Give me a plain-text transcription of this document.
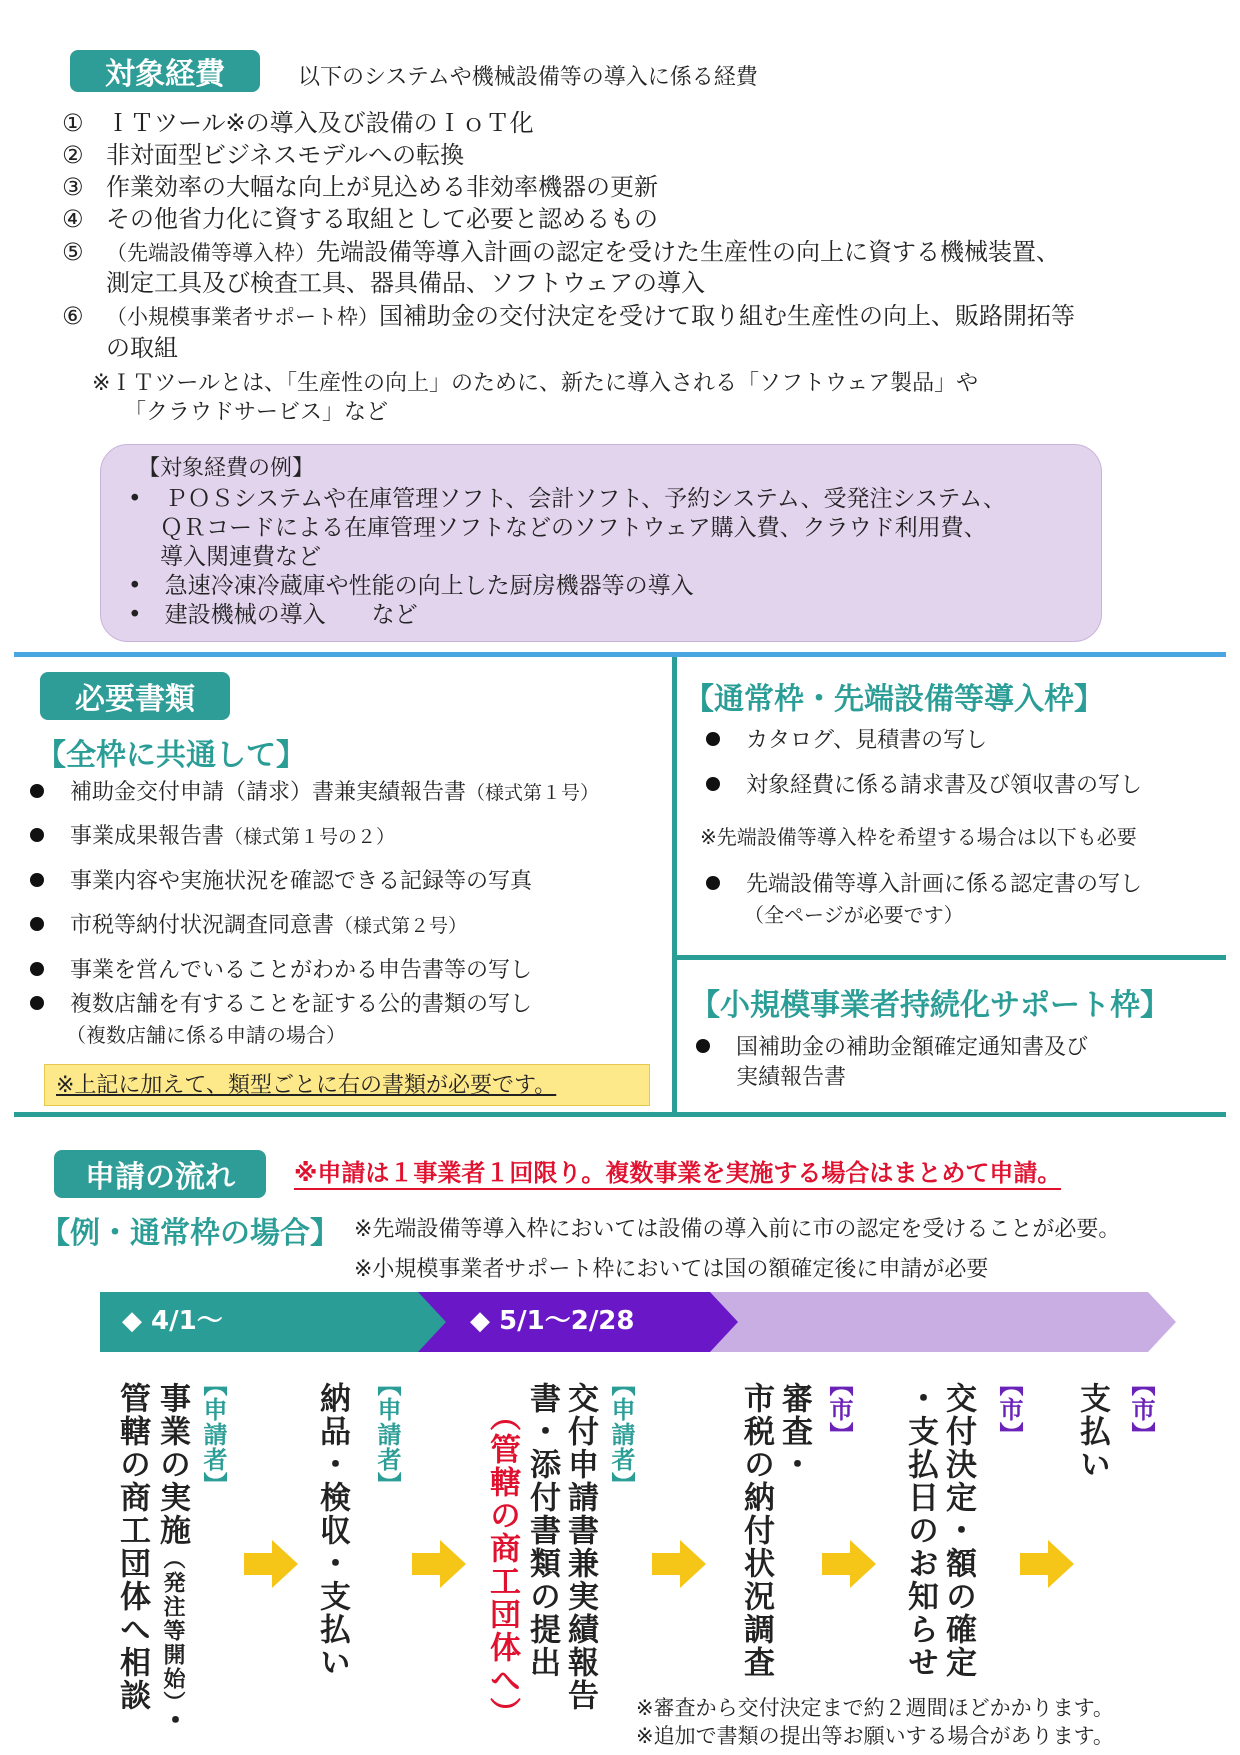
対象経費	以下のシステムや機械設備等の導入に係る経費
① ＩＴツール※の導入及び設備のＩｏＴ化
② 非対面型ビジネスモデルへの転換
③ 作業効率の大幅な向上が見込める非効率機器の更新
④ その他省力化に資する取組として必要と認めるもの
⑤ （先端設備等導入枠）先端設備等導入計画の認定を受けた生産性の向上に資する機械装置、
測定工具及び検査工具、器具備品、ソフトウェアの導入
⑥ （小規模事業者サポート枠）国補助金の交付決定を受けて取り組む生産性の向上、販路開拓等
の取組
※ＩＴツールとは、「生産性の向上」のために、新たに導入される「ソフトウェア製品」や
「クラウドサービス」など
【対象経費の例】
•　ＰＯＳシステムや在庫管理ソフト、会計ソフト、予約システム、受発注システム、
ＱＲコードによる在庫管理ソフトなどのソフトウェア購入費、クラウド利用費、
導入関連費など
•　急速冷凍冷蔵庫や性能の向上した厨房機器等の導入
•　建設機械の導入　　など
必要書類
【全枠に共通して】
補助金交付申請（請求）書兼実績報告書（様式第１号）
事業成果報告書（様式第１号の２）
事業内容や実施状況を確認できる記録等の写真
市税等納付状況調査同意書（様式第２号）
事業を営んでいることがわかる申告書等の写し
複数店舗を有することを証する公的書類の写し
（複数店舗に係る申請の場合）
※上記に加えて、類型ごとに右の書類が必要です。
【通常枠・先端設備等導入枠】
カタログ、見積書の写し
対象経費に係る請求書及び領収書の写し
※先端設備等導入枠を希望する場合は以下も必要
先端設備等導入計画に係る認定書の写し
（全ページが必要です）
【小規模事業者持続化サポート枠】
国補助金の補助金額確定通知書及び
実績報告書
申請の流れ	※申請は１事業者１回限り。複数事業を実施する場合はまとめて申請。
【例・通常枠の場合】 ※先端設備等導入枠においては設備の導入前に市の認定を受けることが必要。
※小規模事業者サポート枠においては国の額確定後に申請が必要
◆ 4/1〜	◆ 5/1〜2/28
【申請者】
事業の実施（発注等開始）・
管轄の商工団体へ相談	【申請者】
納品・検収・支払い	【申請者】
交付申請書兼実績報告
書・添付書類の提出
（管轄の商工団体へ）	【市】
審査・
市税の納付状況調査	【市】
交付決定・額の確定
・支払日のお知らせ	【市】
支払い
※審査から交付決定まで約２週間ほどかかります。
※追加で書類の提出等お願いする場合があります。
